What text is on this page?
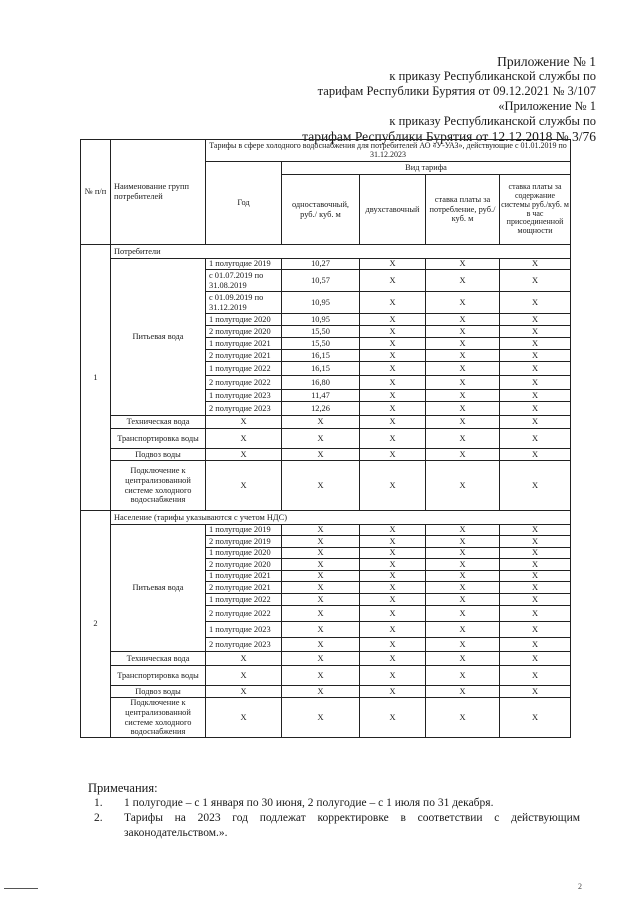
Приложение № 1
к приказу Республиканской службы по
тарифам Республики Бурятия от 09.12.2021 № 3/107
«Приложение № 1
к приказу Республиканской службы по
тарифам Республики Бурятия от 12.12.2018 № 3/76
№ п/п	Наименование групп потребителей	Тарифы в сфере холодного водоснабжения для потребителей АО «У-УАЗ», действующие с 01.01.2019 по 31.12.2023				
		Год	Вид тарифа			
			одноставочный, руб./ куб. м	двухставочный	ставка платы за потребление, руб./ куб. м	ставка платы за содержание системы руб./куб. м в час присоединенной мощности
1	Потребители					
	Питьевая вода	1 полугодие 2019	10,27	X	X	X
		с 01.07.2019 по 31.08.2019	10,57	X	X	X
		с 01.09.2019 по 31.12.2019	10,95	X	X	X
		1 полугодие 2020	10,95	X	X	X
		2 полугодие 2020	15,50	X	X	X
		1 полугодие 2021	15,50	X	X	X
		2 полугодие 2021	16,15	X	X	X
		1 полугодие 2022	16,15	X	X	X
		2 полугодие 2022	16,80	X	X	X
		1 полугодие 2023	11,47	X	X	X
		2 полугодие 2023	12,26	X	X	X
	Техническая вода	X	X	X	X	X
	Транспортировка воды	X	X	X	X	X
	Подвоз воды	X	X	X	X	X
	Подключение к централизованной системе холодного водоснабжения	X	X	X	X	X
2	Население (тарифы указываются с учетом НДС)					
	Питьевая вода	1 полугодие 2019	X	X	X	X
		2 полугодие 2019	X	X	X	X
		1 полугодие 2020	X	X	X	X
		2 полугодие 2020	X	X	X	X
		1 полугодие 2021	X	X	X	X
		2 полугодие 2021	X	X	X	X
		1 полугодие 2022	X	X	X	X
		2 полугодие 2022	X	X	X	X
		1 полугодие 2023	X	X	X	X
		2 полугодие 2023	X	X	X	X
	Техническая вода	X	X	X	X	X
	Транспортировка воды	X	X	X	X	X
	Подвоз воды	X	X	X	X	X
	Подключение к централизованной системе холодного водоснабжения	X	X	X	X	X
Примечания:
1.	1 полугодие – с 1 января по 30 июня, 2 полугодие – с 1 июля по 31 декабря.
2.	Тарифы на 2023 год подлежат корректировке в соответствии с действующим законодательством.».
2
